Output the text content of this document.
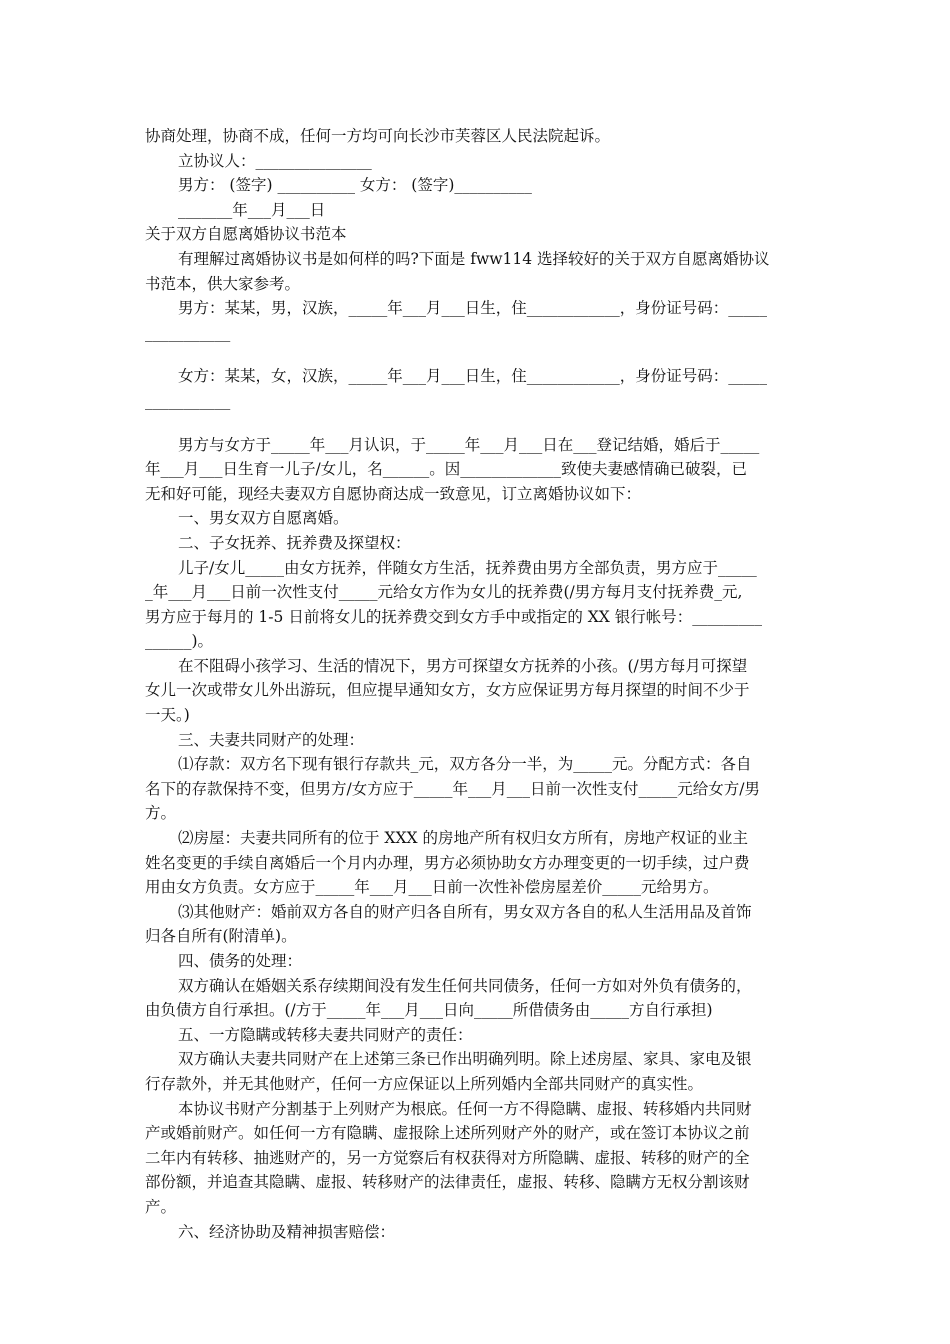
协商处理，协商不成，任何一方均可向长沙市芙蓉区人民法院起诉。
立协议人：_______________
男方： (签字) __________ 女方： (签字)__________
_______年___月___日
关于双方自愿离婚协议书范本
有理解过离婚协议书是如何样的吗?下面是 fww114 选择较好的关于双方自愿离婚协议
书范本，供大家参考。
男方：某某，男，汉族，_____年___月___日生，住____________，身份证号码：_____
___________
女方：某某，女，汉族，_____年___月___日生，住____________，身份证号码：_____
___________
男方与女方于_____年___月认识，于_____年___月___日在___登记结婚，婚后于_____
年___月___日生育一儿子/女儿，名______。因_____________致使夫妻感情确已破裂，已
无和好可能，现经夫妻双方自愿协商达成一致意见，订立离婚协议如下：
一、男女双方自愿离婚。
二、子女抚养、抚养费及探望权：
儿子/女儿_____由女方抚养，伴随女方生活，抚养费由男方全部负责，男方应于_____
_年___月___日前一次性支付_____元给女方作为女儿的抚养费(/男方每月支付抚养费_元,
男方应于每月的 1-5 日前将女儿的抚养费交到女方手中或指定的 XX 银行帐号：_________
______)。
在不阻碍小孩学习、生活的情况下，男方可探望女方抚养的小孩。(/男方每月可探望
女儿一次或带女儿外出游玩，但应提早通知女方，女方应保证男方每月探望的时间不少于
一天。)
三、夫妻共同财产的处理：
⑴存款：双方名下现有银行存款共_元，双方各分一半，为_____元。分配方式：各自
名下的存款保持不变，但男方/女方应于_____年___月___日前一次性支付_____元给女方/男
方。
⑵房屋：夫妻共同所有的位于 XXX 的房地产所有权归女方所有，房地产权证的业主
姓名变更的手续自离婚后一个月内办理，男方必须协助女方办理变更的一切手续，过户费
用由女方负责。女方应于_____年___月___日前一次性补偿房屋差价_____元给男方。
⑶其他财产：婚前双方各自的财产归各自所有，男女双方各自的私人生活用品及首饰
归各自所有(附清单)。
四、债务的处理：
双方确认在婚姻关系存续期间没有发生任何共同债务，任何一方如对外负有债务的，
由负债方自行承担。(/方于_____年___月___日向_____所借债务由_____方自行承担)
五、一方隐瞒或转移夫妻共同财产的责任：
双方确认夫妻共同财产在上述第三条已作出明确列明。除上述房屋、家具、家电及银
行存款外，并无其他财产，任何一方应保证以上所列婚内全部共同财产的真实性。
本协议书财产分割基于上列财产为根底。任何一方不得隐瞒、虚报、转移婚内共同财
产或婚前财产。如任何一方有隐瞒、虚报除上述所列财产外的财产，或在签订本协议之前
二年内有转移、抽逃财产的，另一方觉察后有权获得对方所隐瞒、虚报、转移的财产的全
部份额，并追查其隐瞒、虚报、转移财产的法律责任，虚报、转移、隐瞒方无权分割该财
产。
六、经济协助及精神损害赔偿：
